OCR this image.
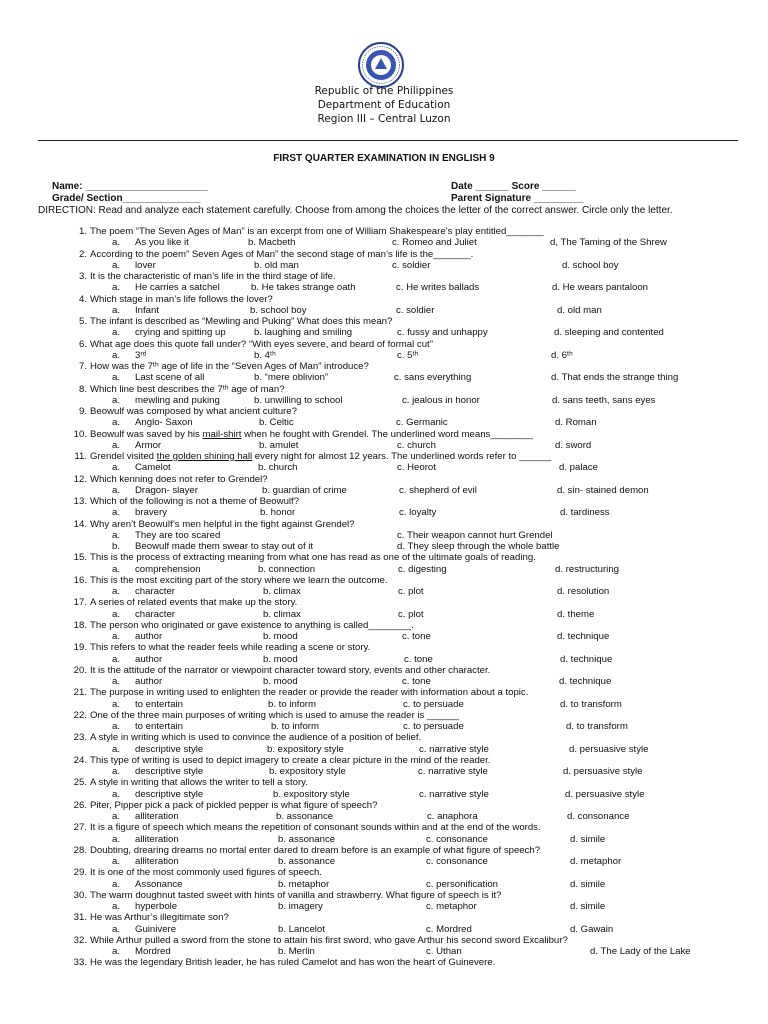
Republic of the Philippines
Department of Education
Region III – Central Luzon
FIRST QUARTER EXAMINATION IN ENGLISH 9
Name: ______________________	Date ______ Score ______
Grade/ Section______________	Parent Signature _________
DIRECTION: Read and analyze each statement carefully. Choose from among the choices the letter of the correct answer. Circle only the letter.
1. The poem “The Seven Ages of Man” is an excerpt from one of William Shakespeare’s play entitled_______
a. As you like it	b. Macbeth	c. Romeo and Juliet	d, The Taming of the Shrew
2. According to the poem” Seven Ages of Man” the second stage of man’s life is the_______.
a. lover	b. old man	c. soldier	d. school boy
3. It is the characteristic of man’s life in the third stage of life.
a. He carries a satchel	b. He takes strange oath	c. He writes ballads	d. He wears pantaloon
4. Which stage in man’s life follows the lover?
a. Infant	b. school boy	c. soldier	d. old man
5. The infant is described as “Mewling and Puking” What does this mean?
a. crying and spitting up	b. laughing and smiling	c. fussy and unhappy	d. sleeping and contented
6. What age does this quote fall under? “With eyes severe, and beard of formal cut”
a. 3ʳᵈ	b. 4ᵗʰ	c. 5ᵗʰ	d. 6ᵗʰ
7. How was the 7ᵗʰ age of life in the “Seven Ages of Man” introduce?
a. Last scene of all	b. “mere oblivion”	c. sans everything	d. That ends the strange thing
8. Which line best describes the 7ᵗʰ age of man?
a. mewling and puking	b. unwilling to school	c. jealous in honor	d. sans teeth, sans eyes
9. Beowulf was composed by what ancient culture?
a. Anglo- Saxon	b. Celtic	c. Germanic	d. Roman
10. Beowulf was saved by his mail-shirt when he fought with Grendel. The underlined word means________
a. Armor	b. amulet	c. church	d. sword
11. Grendel visited the golden shining hall every night for almost 12 years. The underlined words refer to ______
a. Camelot	b. church	c. Heorot	d. palace
12. Which kenning does not refer to Grendel?
a. Dragon- slayer	b. guardian of crime	c. shepherd of evil	d. sin- stained demon
13. Which of the following is not a theme of Beowulf?
a. bravery	b. honor	c. loyalty	d. tardiness
14. Why aren’t Beowulf’s men helpful in the fight against Grendel?
a. They are too scared	c. Their weapon cannot hurt Grendel
b. Beowulf made them swear to stay out of it	d. They sleep through the whole battle
15. This is the process of extracting meaning from what one has read as one of the ultimate goals of reading.
a. comprehension	b. connection	c. digesting	d. restructuring
16. This is the most exciting part of the story where we learn the outcome.
a. character	b. climax	c. plot	d. resolution
17. A series of related events that make up the story.
a. character	b. climax	c. plot	d. theme
18. The person who originated or gave existence to anything is called________.
a. author	b. mood	c. tone	d. technique
19. This refers to what the reader feels while reading a scene or story.
a. author	b. mood	c. tone	d. technique
20. It is the attitude of the narrator or viewpoint character toward story, events and other character.
a. author	b. mood	c. tone	d. technique
21. The purpose in writing used to enlighten the reader or provide the reader with information about a topic.
a. to entertain	b. to inform	c. to persuade	d. to transform
22. One of the three main purposes of writing which is used to amuse the reader is ______
a. to entertain	b. to inform	c. to persuade	d. to transform
23. A style in writing which is used to convince the audience of a position of belief.
a. descriptive style	b. expository style	c. narrative style	d. persuasive style
24. This type of writing is used to depict imagery to create a clear picture in the mind of the reader.
a. descriptive style	b. expository style	c. narrative style	d. persuasive style
25. A style in writing that allows the writer to tell a story.
a. descriptive style	b. expository style	c. narrative style	d. persuasive style
26. Piter, Pipper pick a pack of pickled pepper is what figure of speech?
a. alliteration	b. assonance	c. anaphora	d. consonance
27. It is a figure of speech which means the repetition of consonant sounds within and at the end of the words.
a. alliteration	b. assonance	c. consonance	d. simile
28. Doubting, drearing dreams no mortal enter dared to dream before is an example of what figure of speech?
a. alliteration	b. assonance	c. consonance	d. metaphor
29. It is one of the most commonly used figures of speech.
a. Assonance	b. metaphor	c. personification	d. simile
30. The warm doughnut tasted sweet with hints of vanilla and strawberry. What figure of speech is it?
a. hyperbole	b. imagery	c. metaphor	d. simile
31. He was Arthur’s illegitimate son?
a. Guinivere	b. Lancelot	c. Mordred	d. Gawain
32. While Arthur pulled a sword from the stone to attain his first sword, who gave Arthur his second sword Excalibur?
a. Mordred	b. Merlin	c. Uthan	d. The Lady of the Lake
33. He was the legendary British leader, he has ruled Camelot and has won the heart of Guinevere.
